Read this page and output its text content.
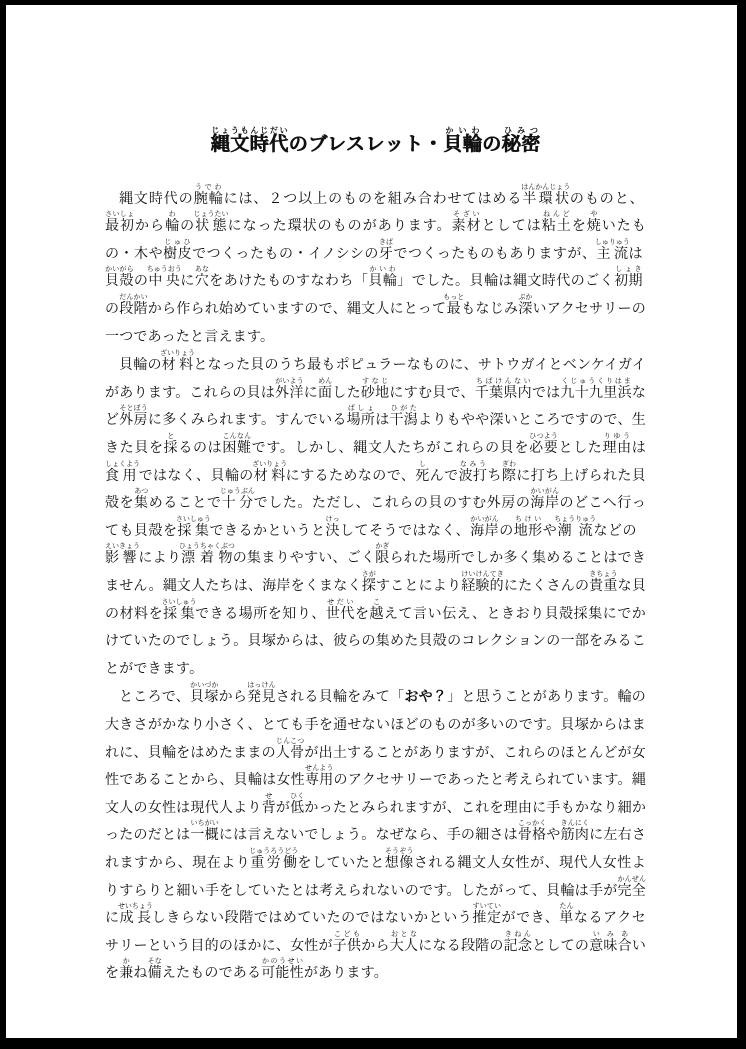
縄文時代じょうもんじだいのブレスレット・貝輪かいわの秘密ひみつ

縄文時代の腕輪うでわには、２つ以上のものを組み合わせてはめる半環状はんかんじょうのものと、最初さいしょから輪わの状態じょうたいになった環状のものがあります。素材そざいとしては粘土ねんどを焼やいたもの・木や樹皮じゅひでつくったもの・イノシシの牙きばでつくったものもありますが、主流しゅりゅうは貝殻かいがらの中央ちゅうおうに穴あなをあけたものすなわち「貝輪かいわ」でした。貝輪は縄文時代のごく初期しょきの段階だんかいから作られ始めていますので、縄文人にとって最もっともなじみ深ぶかいアクセサリーの一つであったと言えます。

貝輪の材料ざいりょうとなった貝のうち最もポピュラーなものに、サトウガイとベンケイガイがあります。これらの貝は外洋がいように面めんした砂地すなじにすむ貝で、千葉県内ちばけんないでは九十九里浜くじゅうくりはまなど外房そとぼうに多くみられます。すんでいる場所ばしょは干潟ひがたよりもやや深いところですので、生きた貝を採とるのは困難こんなんです。しかし、縄文人たちがこれらの貝を必要ひつようとした理由りゆうは食用しょくようではなく、貝輪の材料ざいりょうにするためなので、死しんで波打なみうち際ぎわに打ち上げられた貝殻を集あつめることで十分じゅうぶんでした。ただし、これらの貝のすむ外房の海岸かいがんのどこへ行っても貝殻を採集さいしゅうできるかというと決けっしてそうではなく、海岸かいがんの地形ちけいや潮流ちょうりゅうなどの影響えいきょうにより漂着物ひょうちゃくぶつの集まりやすい、ごく限かぎられた場所でしか多く集めることはできません。縄文人たちは、海岸をくまなく探さがすことにより経験的けいけんてきにたくさんの貴重きちょうな貝の材料を採集さいしゅうできる場所を知り、世代せだいを越こえて言い伝え、ときおり貝殻採集にでかけていたのでしょう。貝塚からは、彼らの集めた貝殻のコレクションの一部をみることができます。

ところで、貝塚かいづかから発見はっけんされる貝輪をみて「おや？」と思うことがあります。輪の大きさがかなり小さく、とても手を通せないほどのものが多いのです。貝塚からはまれに、貝輪をはめたままの人骨じんこつが出土することがありますが、これらのほとんどが女性であることから、貝輪は女性専用せんようのアクセサリーであったと考えられています。縄文人の女性は現代人より背せが低ひくかったとみられますが、これを理由に手もかなり細かったのだとは一概いちがいには言えないでしょう。なぜなら、手の細さは骨格こっかくや筋肉きんにくに左右されますから、現在より重労働じゅうろうどうをしていたと想像そうぞうされる縄文人女性が、現代人女性よりすらりと細い手をしていたとは考えられないのです。したがって、貝輪は手が完全かんぜんに成長せいちょうしきらない段階ではめていたのではないかという推定すいていができ、単たんなるアクセサリーという目的のほかに、女性が子供こどもから大人おとなになる段階の記念きねんとしての意味合いみあいを兼かね備そなえたものである可能性かのうせいがあります。
